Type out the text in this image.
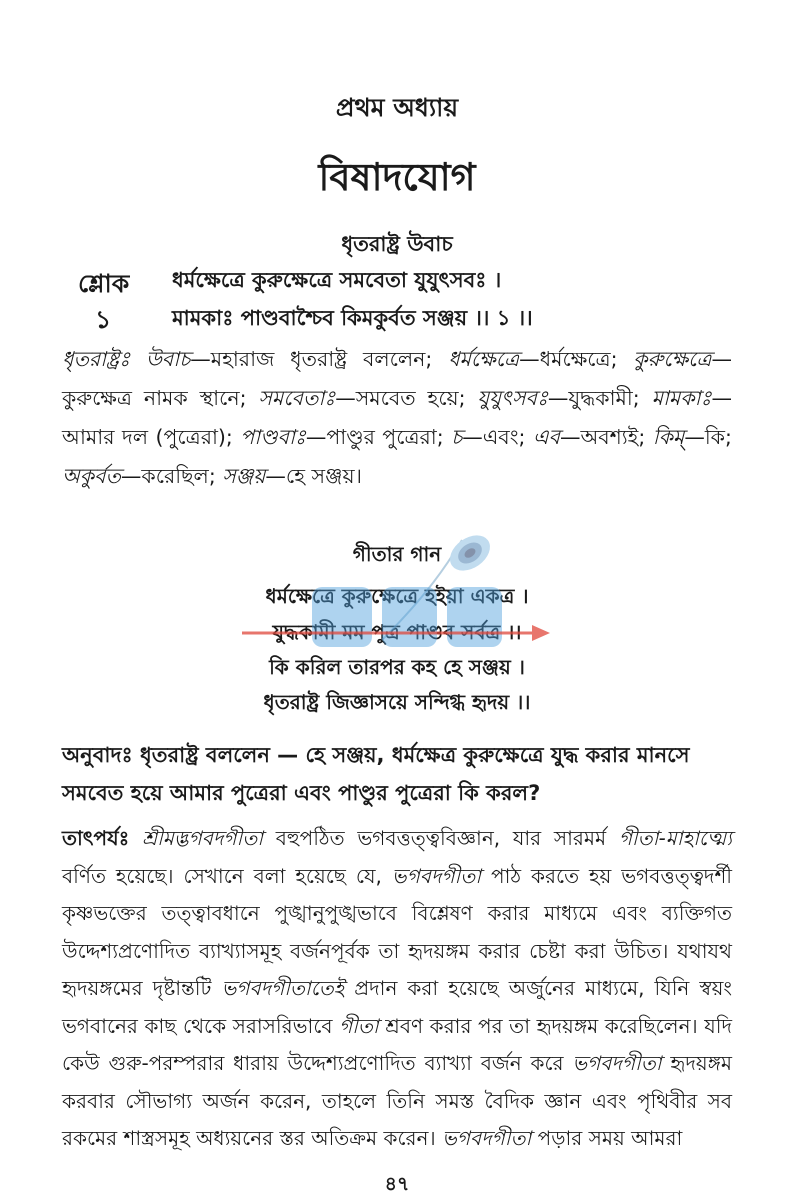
প্রথম অধ্যায়
বিষাদযোগ
ধৃতরাষ্ট্র উবাচ
শ্লোক
১
ধর্মক্ষেত্রে কুরুক্ষেত্রে সমবেতা যুযুৎসবঃ ।
মামকাঃ পাণ্ডবাশ্চৈব কিমকুর্বত সঞ্জয় ।। ১ ।।
ধৃতরাষ্ট্রঃ উবাচ—মহারাজ ধৃতরাষ্ট্র বললেন; ধর্মক্ষেত্রে—ধর্মক্ষেত্রে; কুরুক্ষেত্রে—কুরুক্ষেত্র নামক স্থানে; সমবেতাঃ—সমবেত হয়ে; যুযুৎসবঃ—যুদ্ধকামী; মামকাঃ—আমার দল (পুত্রেরা); পাণ্ডবাঃ—পাণ্ডুর পুত্রেরা; চ—এবং; এব—অবশ্যই; কিম্—কি; অকুর্বত—করেছিল; সঞ্জয়—হে সঞ্জয়।
গীতার গান
ধর্মক্ষেত্রে কুরুক্ষেত্রে হইয়া একত্র ।
যুদ্ধকামী মম পুত্র পাণ্ডব সর্বত্র ।।
কি করিল তারপর কহ হে সঞ্জয় ।
ধৃতরাষ্ট্র জিজ্ঞাসয়ে সন্দিগ্ধ হৃদয় ।।
অনুবাদঃ ধৃতরাষ্ট্র বললেন — হে সঞ্জয়, ধর্মক্ষেত্র কুরুক্ষেত্রে যুদ্ধ করার মানসে সমবেত হয়ে আমার পুত্রেরা এবং পাণ্ডুর পুত্রেরা কি করল?
তাৎপর্যঃ শ্রীমদ্ভগবদগীতা বহুপঠিত ভগবত্তত্ত্ববিজ্ঞান, যার সারমর্ম গীতা-মাহাত্ম্যে বর্ণিত হয়েছে। সেখানে বলা হয়েছে যে, ভগবদগীতা পাঠ করতে হয় ভগবত্তত্ত্বদর্শী কৃষ্ণভক্তের তত্ত্বাবধানে পুঙ্খানুপুঙ্খভাবে বিশ্লেষণ করার মাধ্যমে এবং ব্যক্তিগত উদ্দেশ্যপ্রণোদিত ব্যাখ্যাসমূহ বর্জনপূর্বক তা হৃদয়ঙ্গম করার চেষ্টা করা উচিত। যথাযথ হৃদয়ঙ্গমের দৃষ্টান্তটি ভগবদগীতাতেই প্রদান করা হয়েছে অর্জুনের মাধ্যমে, যিনি স্বয়ং ভগবানের কাছ থেকে সরাসরিভাবে গীতা শ্রবণ করার পর তা হৃদয়ঙ্গম করেছিলেন। যদি কেউ গুরু-পরম্পরার ধারায় উদ্দেশ্যপ্রণোদিত ব্যাখ্যা বর্জন করে ভগবদগীতা হৃদয়ঙ্গম করবার সৌভাগ্য অর্জন করেন, তাহলে তিনি সমস্ত বৈদিক জ্ঞান এবং পৃথিবীর সব রকমের শাস্ত্রসমূহ অধ্যয়নের স্তর অতিক্রম করেন। ভগবদগীতা পড়ার সময় আমরা
৪৭
